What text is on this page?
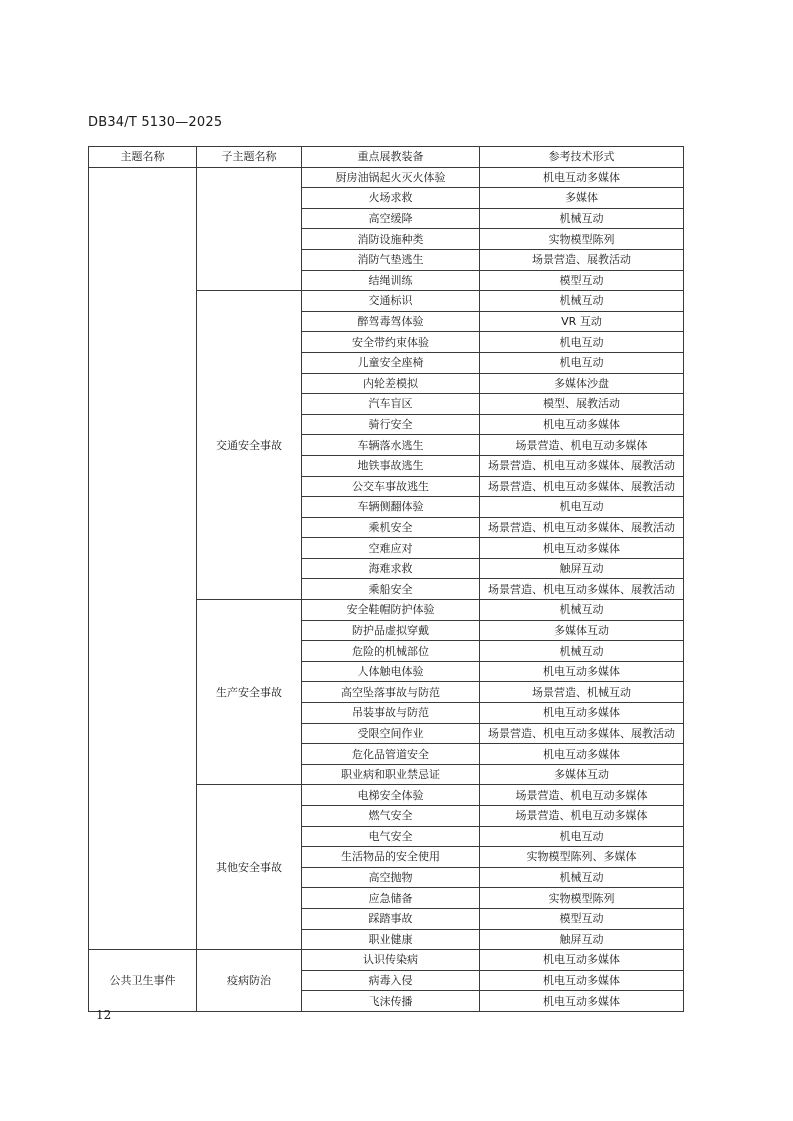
DB34/T 5130—2025
主题名称	子主题名称	重点展教装备	参考技术形式
		厨房油锅起火灭火体验	机电互动多媒体
		火场求救	多媒体
		高空缓降	机械互动
		消防设施种类	实物模型陈列
		消防气垫逃生	场景营造、展教活动
		结绳训练	模型互动
	交通安全事故	交通标识	机械互动
		醉驾毒驾体验	VR 互动
		安全带约束体验	机电互动
		儿童安全座椅	机电互动
		内轮差模拟	多媒体沙盘
		汽车盲区	模型、展教活动
		骑行安全	机电互动多媒体
		车辆落水逃生	场景营造、机电互动多媒体
		地铁事故逃生	场景营造、机电互动多媒体、展教活动
		公交车事故逃生	场景营造、机电互动多媒体、展教活动
		车辆侧翻体验	机电互动
		乘机安全	场景营造、机电互动多媒体、展教活动
		空难应对	机电互动多媒体
		海难求救	触屏互动
		乘船安全	场景营造、机电互动多媒体、展教活动
	生产安全事故	安全鞋帽防护体验	机械互动
		防护品虚拟穿戴	多媒体互动
		危险的机械部位	机械互动
		人体触电体验	机电互动多媒体
		高空坠落事故与防范	场景营造、机械互动
		吊装事故与防范	机电互动多媒体
		受限空间作业	场景营造、机电互动多媒体、展教活动
		危化品管道安全	机电互动多媒体
		职业病和职业禁忌证	多媒体互动
	其他安全事故	电梯安全体验	场景营造、机电互动多媒体
		燃气安全	场景营造、机电互动多媒体
		电气安全	机电互动
		生活物品的安全使用	实物模型陈列、多媒体
		高空抛物	机械互动
		应急储备	实物模型陈列
		踩踏事故	模型互动
		职业健康	触屏互动
公共卫生事件	疫病防治	认识传染病	机电互动多媒体
		病毒入侵	机电互动多媒体
		飞沫传播	机电互动多媒体
12
